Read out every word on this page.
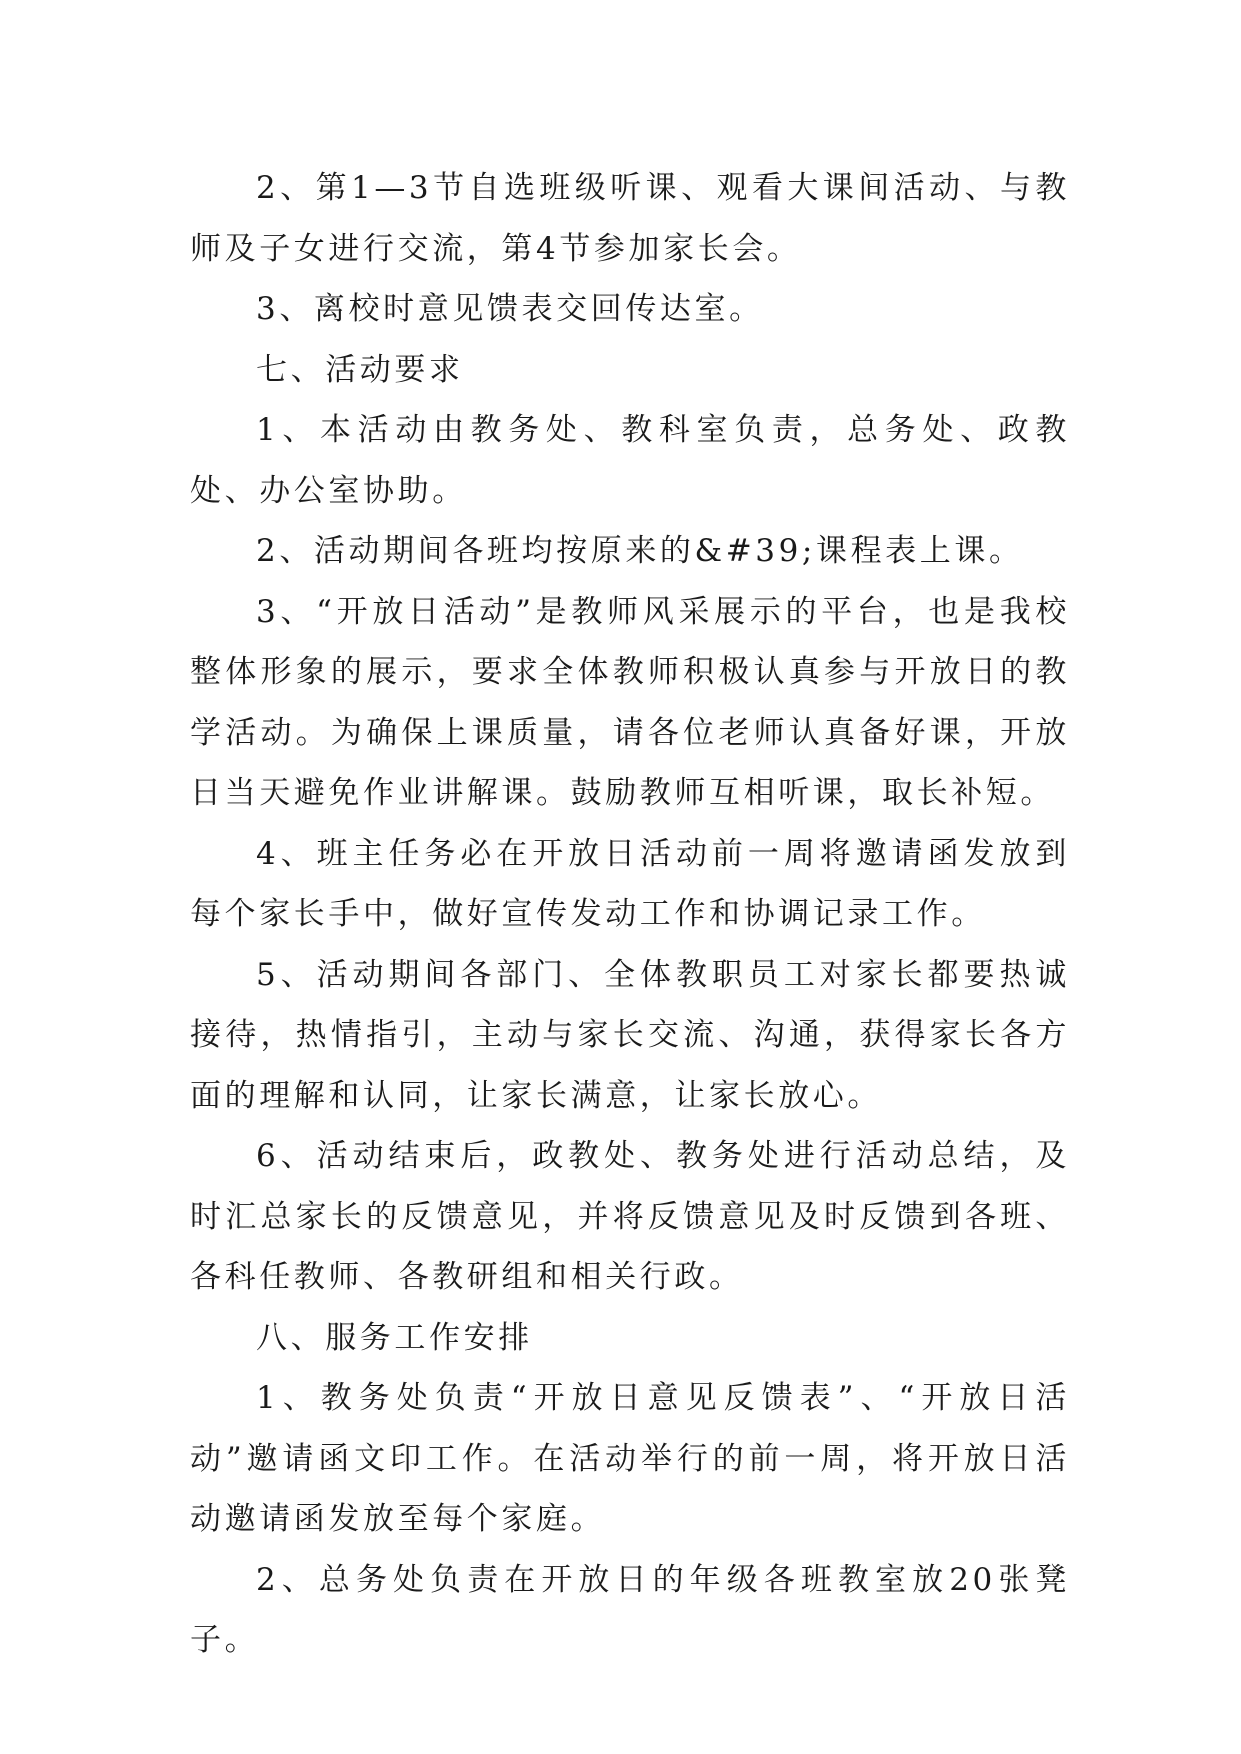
2、第1—3节自选班级听课、观看大课间活动、与教师及子女进行交流，第4节参加家长会。

3、离校时意见馈表交回传达室。

七、活动要求

1、本活动由教务处、教科室负责，总务处、政教处、办公室协助。

2、活动期间各班均按原来的&#39;课程表上课。

3、“开放日活动”是教师风采展示的平台，也是我校整体形象的展示，要求全体教师积极认真参与开放日的教学活动。为确保上课质量，请各位老师认真备好课，开放日当天避免作业讲解课。鼓励教师互相听课，取长补短。

4、班主任务必在开放日活动前一周将邀请函发放到每个家长手中，做好宣传发动工作和协调记录工作。

5、活动期间各部门、全体教职员工对家长都要热诚接待，热情指引，主动与家长交流、沟通，获得家长各方面的理解和认同，让家长满意，让家长放心。

6、活动结束后，政教处、教务处进行活动总结，及时汇总家长的反馈意见，并将反馈意见及时反馈到各班、各科任教师、各教研组和相关行政。

八、服务工作安排

1、教务处负责“开放日意见反馈表”、“开放日活动”邀请函文印工作。在活动举行的前一周，将开放日活动邀请函发放至每个家庭。

2、总务处负责在开放日的年级各班教室放20张凳子。
